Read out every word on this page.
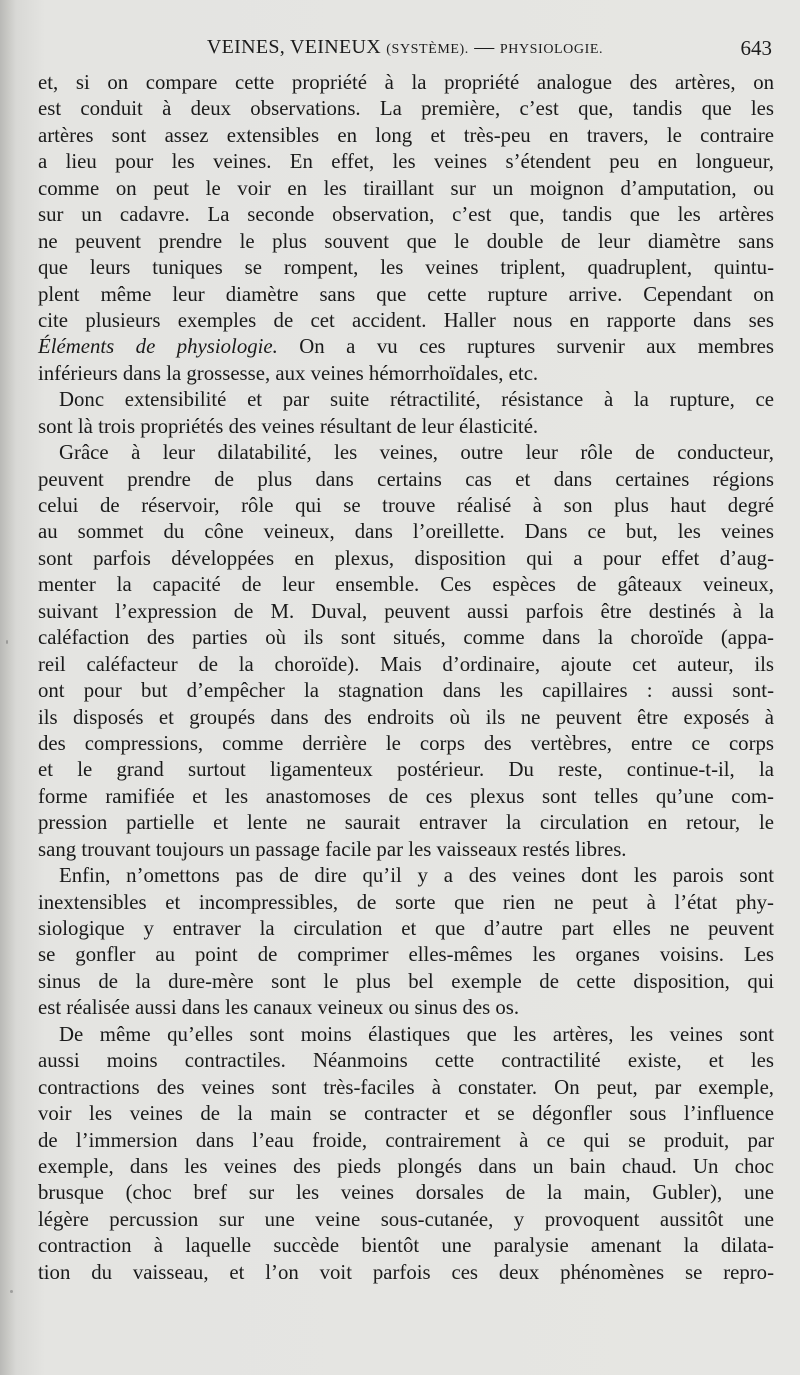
VEINES, VEINEUX (SYSTÈME). — PHYSIOLOGIE.	643
et, si on compare cette propriété à la propriété analogue des artères, on
est conduit à deux observations. La première, c’est que, tandis que les
artères sont assez extensibles en long et très-peu en travers, le contraire
a lieu pour les veines. En effet, les veines s’étendent peu en longueur,
comme on peut le voir en les tiraillant sur un moignon d’amputation, ou
sur un cadavre. La seconde observation, c’est que, tandis que les artères
ne peuvent prendre le plus souvent que le double de leur diamètre sans
que leurs tuniques se rompent, les veines triplent, quadruplent, quintu-
plent même leur diamètre sans que cette rupture arrive. Cependant on
cite plusieurs exemples de cet accident. Haller nous en rapporte dans ses
Éléments de physiologie. On a vu ces ruptures survenir aux membres
inférieurs dans la grossesse, aux veines hémorrhoïdales, etc.
Donc extensibilité et par suite rétractilité, résistance à la rupture, ce
sont là trois propriétés des veines résultant de leur élasticité.
Grâce à leur dilatabilité, les veines, outre leur rôle de conducteur,
peuvent prendre de plus dans certains cas et dans certaines régions
celui de réservoir, rôle qui se trouve réalisé à son plus haut degré
au sommet du cône veineux, dans l’oreillette. Dans ce but, les veines
sont parfois développées en plexus, disposition qui a pour effet d’aug-
menter la capacité de leur ensemble. Ces espèces de gâteaux veineux,
suivant l’expression de M. Duval, peuvent aussi parfois être destinés à la
caléfaction des parties où ils sont situés, comme dans la choroïde (appa-
reil caléfacteur de la choroïde). Mais d’ordinaire, ajoute cet auteur, ils
ont pour but d’empêcher la stagnation dans les capillaires : aussi sont-
ils disposés et groupés dans des endroits où ils ne peuvent être exposés à
des compressions, comme derrière le corps des vertèbres, entre ce corps
et le grand surtout ligamenteux postérieur. Du reste, continue-t-il, la
forme ramifiée et les anastomoses de ces plexus sont telles qu’une com-
pression partielle et lente ne saurait entraver la circulation en retour, le
sang trouvant toujours un passage facile par les vaisseaux restés libres.
Enfin, n’omettons pas de dire qu’il y a des veines dont les parois sont
inextensibles et incompressibles, de sorte que rien ne peut à l’état phy-
siologique y entraver la circulation et que d’autre part elles ne peuvent
se gonfler au point de comprimer elles-mêmes les organes voisins. Les
sinus de la dure-mère sont le plus bel exemple de cette disposition, qui
est réalisée aussi dans les canaux veineux ou sinus des os.
De même qu’elles sont moins élastiques que les artères, les veines sont
aussi moins contractiles. Néanmoins cette contractilité existe, et les
contractions des veines sont très-faciles à constater. On peut, par exemple,
voir les veines de la main se contracter et se dégonfler sous l’influence
de l’immersion dans l’eau froide, contrairement à ce qui se produit, par
exemple, dans les veines des pieds plongés dans un bain chaud. Un choc
brusque (choc bref sur les veines dorsales de la main, Gubler), une
légère percussion sur une veine sous-cutanée, y provoquent aussitôt une
contraction à laquelle succède bientôt une paralysie amenant la dilata-
tion du vaisseau, et l’on voit parfois ces deux phénomènes se repro-
